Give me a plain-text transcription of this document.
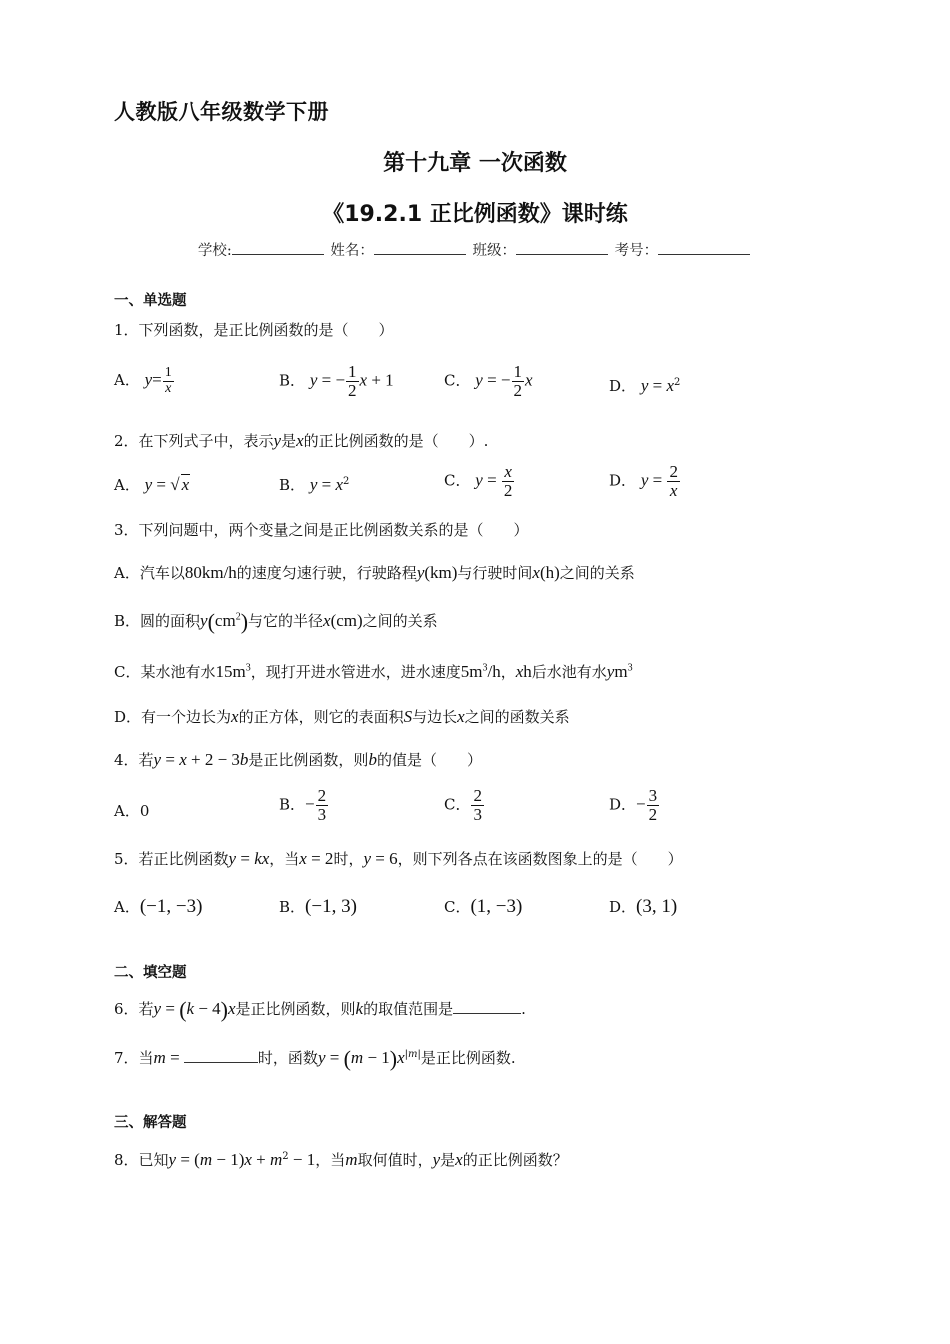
人教版八年级数学下册
第十九章 一次函数
《19.2.1 正比例函数》课时练
学校:	姓名：	班级：	考号：
一、单选题
1．下列函数，是正比例函数的是（　　）
A． $y= \frac{1}{x}$	B． y = − $\frac{1}{2}$ x + 1	C． y = − $\frac{1}{2}$ x	D． $y = x^2$
2．在下列式子中，表示y是x的正比例函数的是（　　）.
A． y = √ x	B． $y = x^2$	C． $y = \frac{x}{2}$	D． $y = \frac{2}{x}$
3．下列问题中，两个变量之间是正比例函数关系的是（　　）
A．汽车以80km/h的速度匀速行驶，行驶路程y(km)与行驶时间x(h)之间的关系
B．圆的面积$y(cm^2)$与它的半径x(cm)之间的关系
C．某水池有水$15m^3$，现打开进水管进水，进水速度$5m^3/h$，xh后水池有水$ym^3$
D．有一个边长为x的正方体，则它的表面积S与边长x之间的函数关系
4．若y = x + 2 − 3b是正比例函数，则b的值是（　　）
A．0	B．− $\frac{2}{3}$	C． $\frac{2}{3}$	D．− $\frac{3}{2}$
5．若正比例函数y = kx，当x = 2时，y = 6，则下列各点在该函数图象上的是（　　）
A．(−1, −3)	B．(−1, 3)	C．(1, −3)	D．(3, 1)
二、填空题
6．若y = (k − 4)x是正比例函数，则k的取值范围是	.
7．当m =	时，函数$y = (m - 1)x^{|m|}$是正比例函数.
三、解答题
8．已知$y = (m - 1)x + m^2 - 1$，当m取何值时，y是x的正比例函数？
